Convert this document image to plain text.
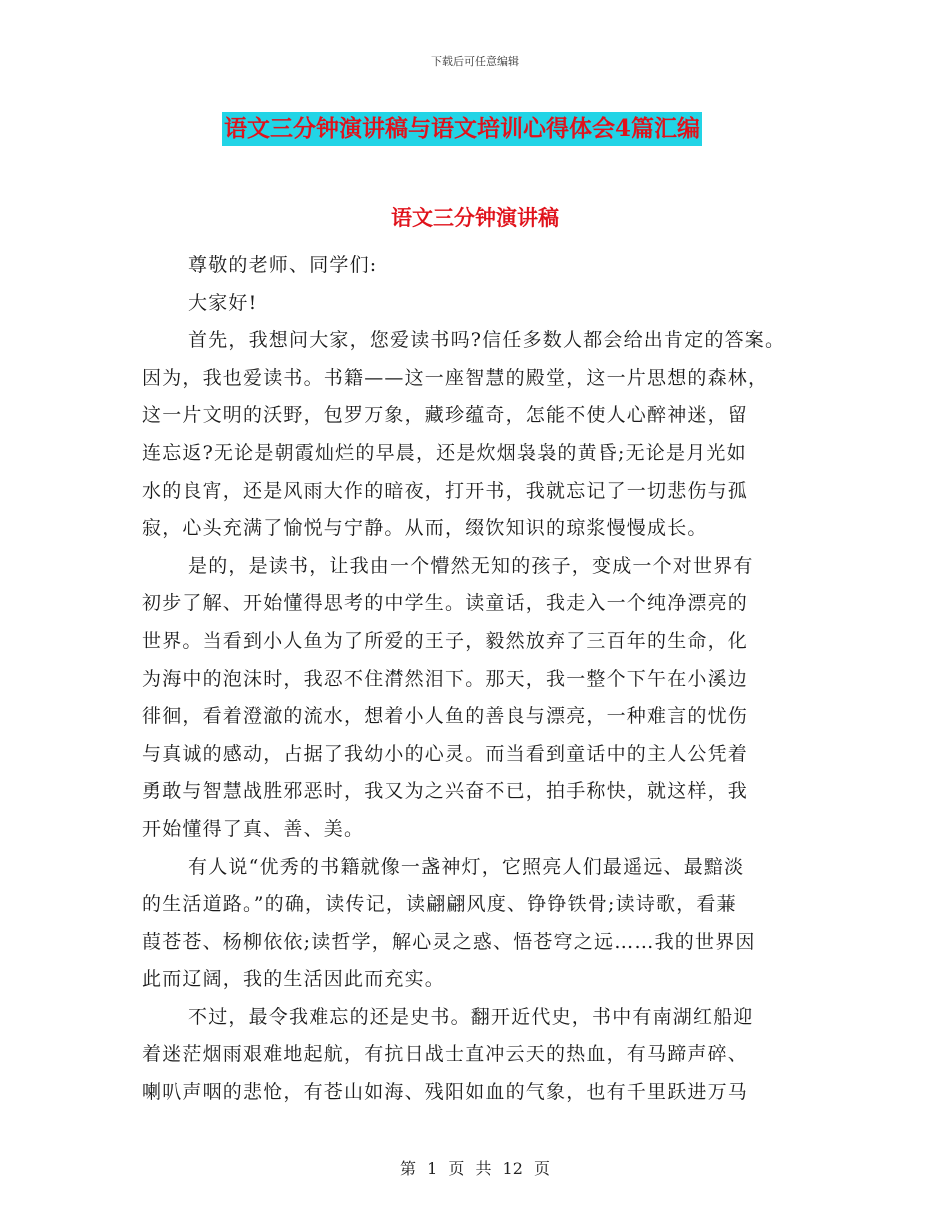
下载后可任意编辑
语文三分钟演讲稿与语文培训心得体会4篇汇编
语文三分钟演讲稿

尊敬的老师、同学们:

大家好!

首先，我想问大家，您爱读书吗?信任多数人都会给出肯定的答案。

因为，我也爱读书。书籍——这一座智慧的殿堂，这一片思想的森林，

这一片文明的沃野，包罗万象，藏珍蕴奇，怎能不使人心醉神迷，留

连忘返?无论是朝霞灿烂的早晨，还是炊烟袅袅的黄昏;无论是月光如

水的良宵，还是风雨大作的暗夜，打开书，我就忘记了一切悲伤与孤

寂，心头充满了愉悦与宁静。从而，缀饮知识的琼浆慢慢成长。

是的，是读书，让我由一个懵然无知的孩子，变成一个对世界有

初步了解、开始懂得思考的中学生。读童话，我走入一个纯净漂亮的

世界。当看到小人鱼为了所爱的王子，毅然放弃了三百年的生命，化

为海中的泡沫时，我忍不住潸然泪下。那天，我一整个下午在小溪边

徘徊，看着澄澈的流水，想着小人鱼的善良与漂亮，一种难言的忧伤

与真诚的感动，占据了我幼小的心灵。而当看到童话中的主人公凭着

勇敢与智慧战胜邪恶时，我又为之兴奋不已，拍手称快，就这样，我

开始懂得了真、善、美。

有人说“优秀的书籍就像一盏神灯，它照亮人们最遥远、最黯淡

的生活道路。”的确，读传记，读翩翩风度、铮铮铁骨;读诗歌，看蒹

葭苍苍、杨柳依依;读哲学，解心灵之惑、悟苍穹之远……我的世界因

此而辽阔，我的生活因此而充实。

不过，最令我难忘的还是史书。翻开近代史，书中有南湖红船迎

着迷茫烟雨艰难地起航，有抗日战士直冲云天的热血，有马蹄声碎、

喇叭声咽的悲怆，有苍山如海、残阳如血的气象，也有千里跃进万马

第 1 页 共 12 页
